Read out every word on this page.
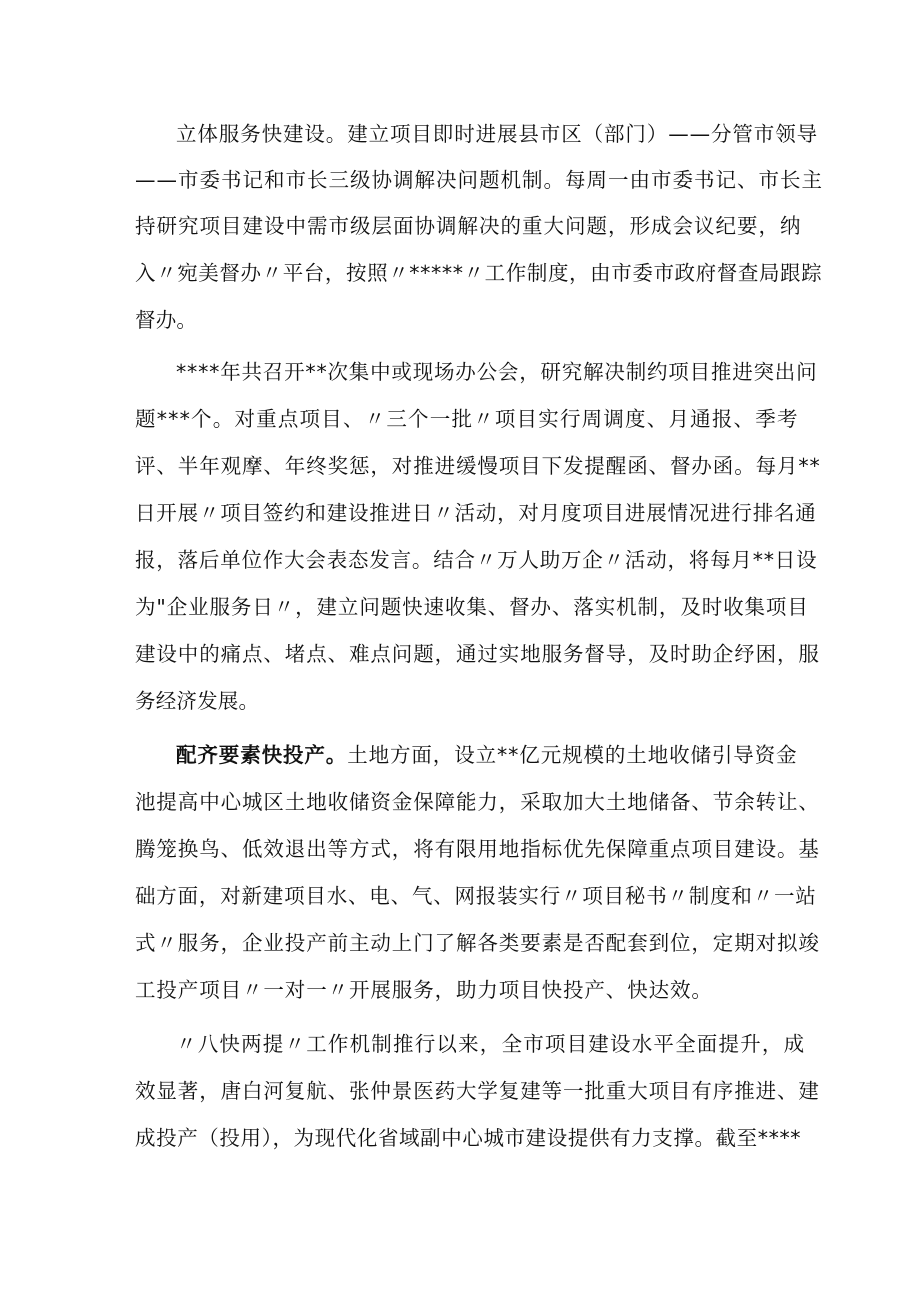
立体服务快建设。建立项目即时进展县市区（部门）——分管市领导
——市委书记和市长三级协调解决问题机制。每周一由市委书记、市长主
持研究项目建设中需市级层面协调解决的重大问题，形成会议纪要，纳
入〃宛美督办〃平台，按照〃*****〃工作制度，由市委市政府督查局跟踪
督办。
****年共召开**次集中或现场办公会，研究解决制约项目推进突出问
题***个。对重点项目、〃三个一批〃项目实行周调度、月通报、季考
评、半年观摩、年终奖惩，对推进缓慢项目下发提醒函、督办函。每月**
日开展〃项目签约和建设推进日〃活动，对月度项目进展情况进行排名通
报，落后单位作大会表态发言。结合〃万人助万企〃活动，将每月**日设
为"企业服务日〃，建立问题快速收集、督办、落实机制，及时收集项目
建设中的痛点、堵点、难点问题，通过实地服务督导，及时助企纾困，服
务经济发展。
配齐要素快投产。土地方面，设立**亿元规模的土地收储引导资金
池提高中心城区土地收储资金保障能力，采取加大土地储备、节余转让、
腾笼换鸟、低效退出等方式，将有限用地指标优先保障重点项目建设。基
础方面，对新建项目水、电、气、网报装实行〃项目秘书〃制度和〃一站
式〃服务，企业投产前主动上门了解各类要素是否配套到位，定期对拟竣
工投产项目〃一对一〃开展服务，助力项目快投产、快达效。
〃八快两提〃工作机制推行以来，全市项目建设水平全面提升，成
效显著，唐白河复航、张仲景医药大学复建等一批重大项目有序推进、建
成投产（投用），为现代化省域副中心城市建设提供有力支撑。截至****
